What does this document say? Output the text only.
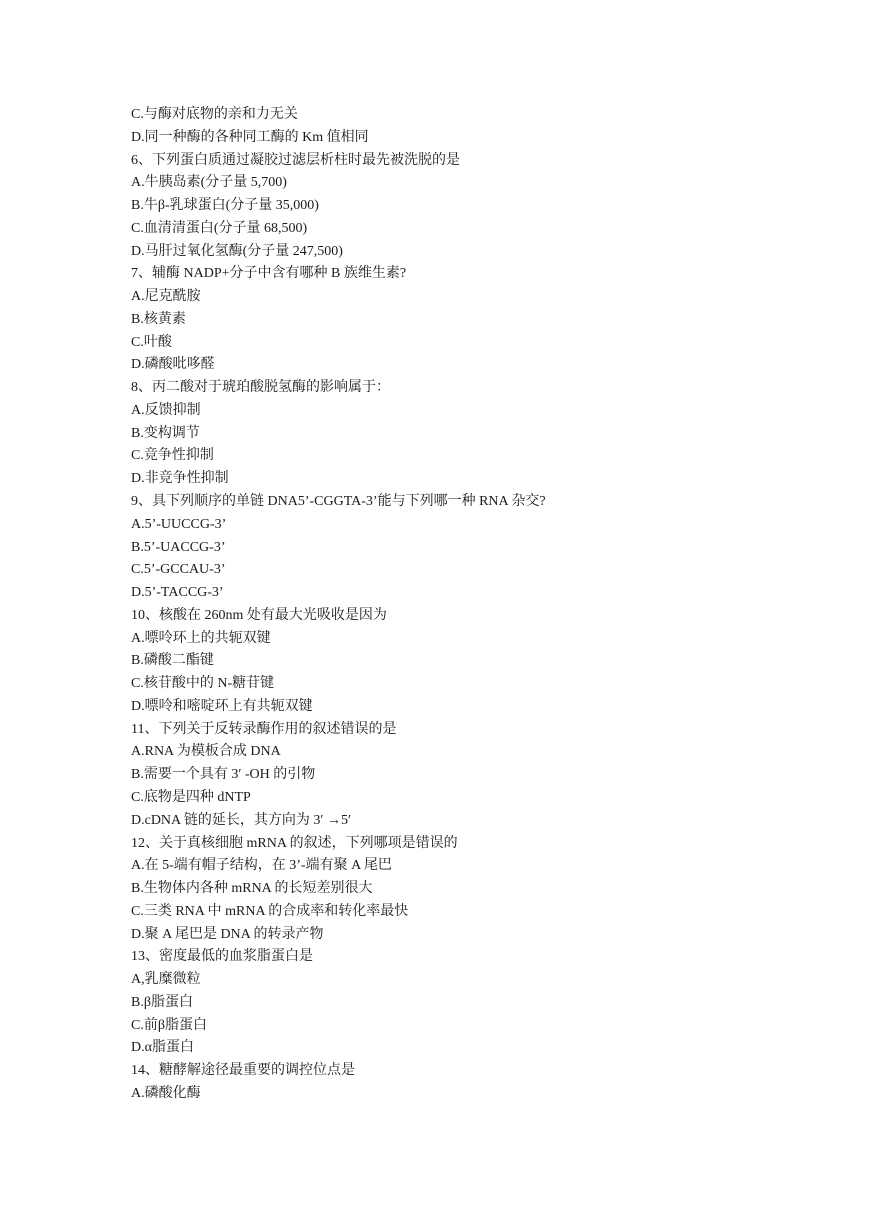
C.与酶对底物的亲和力无关
D.同一种酶的各种同工酶的 Km 值相同
6、下列蛋白质通过凝胶过滤层析柱时最先被洗脱的是
A.牛胰岛素(分子量 5,700)
B.牛β-乳球蛋白(分子量 35,000)
C.血清清蛋白(分子量 68,500)
D.马肝过氧化氢酶(分子量 247,500)
7、辅酶 NADP+分子中含有哪种 B 族维生素?
A.尼克酰胺
B.核黄素
C.叶酸
D.磷酸吡哆醛
8、丙二酸对于琥珀酸脱氢酶的影响属于：
A.反馈抑制
B.变构调节
C.竞争性抑制
D.非竞争性抑制
9、具下列顺序的单链 DNA5’-CGGTA-3’能与下列哪一种 RNA 杂交?
A.5’-UUCCG-3’
B.5’-UACCG-3’
C.5’-GCCAU-3’
D.5’-TACCG-3’
10、核酸在 260nm 处有最大光吸收是因为
A.嘌呤环上的共轭双键
B.磷酸二酯键
C.核苷酸中的 N-糖苷键
D.嘌呤和嘧啶环上有共轭双键
11、下列关于反转录酶作用的叙述错误的是
A.RNA 为模板合成 DNA
B.需要一个具有 3′ -OH 的引物
C.底物是四种 dNTP
D.cDNA 链的延长，其方向为 3′ →5′
12、关于真核细胞 mRNA 的叙述，下列哪项是错误的
A.在 5-端有帽子结构，在 3’-端有聚 A 尾巴
B.生物体内各种 mRNA 的长短差别很大
C.三类 RNA 中 mRNA 的合成率和转化率最快
D.聚 A 尾巴是 DNA 的转录产物
13、密度最低的血浆脂蛋白是
A,乳糜微粒
B.β脂蛋白
C.前β脂蛋白
D.α脂蛋白
14、糖酵解途径最重要的调控位点是
A.磷酸化酶
